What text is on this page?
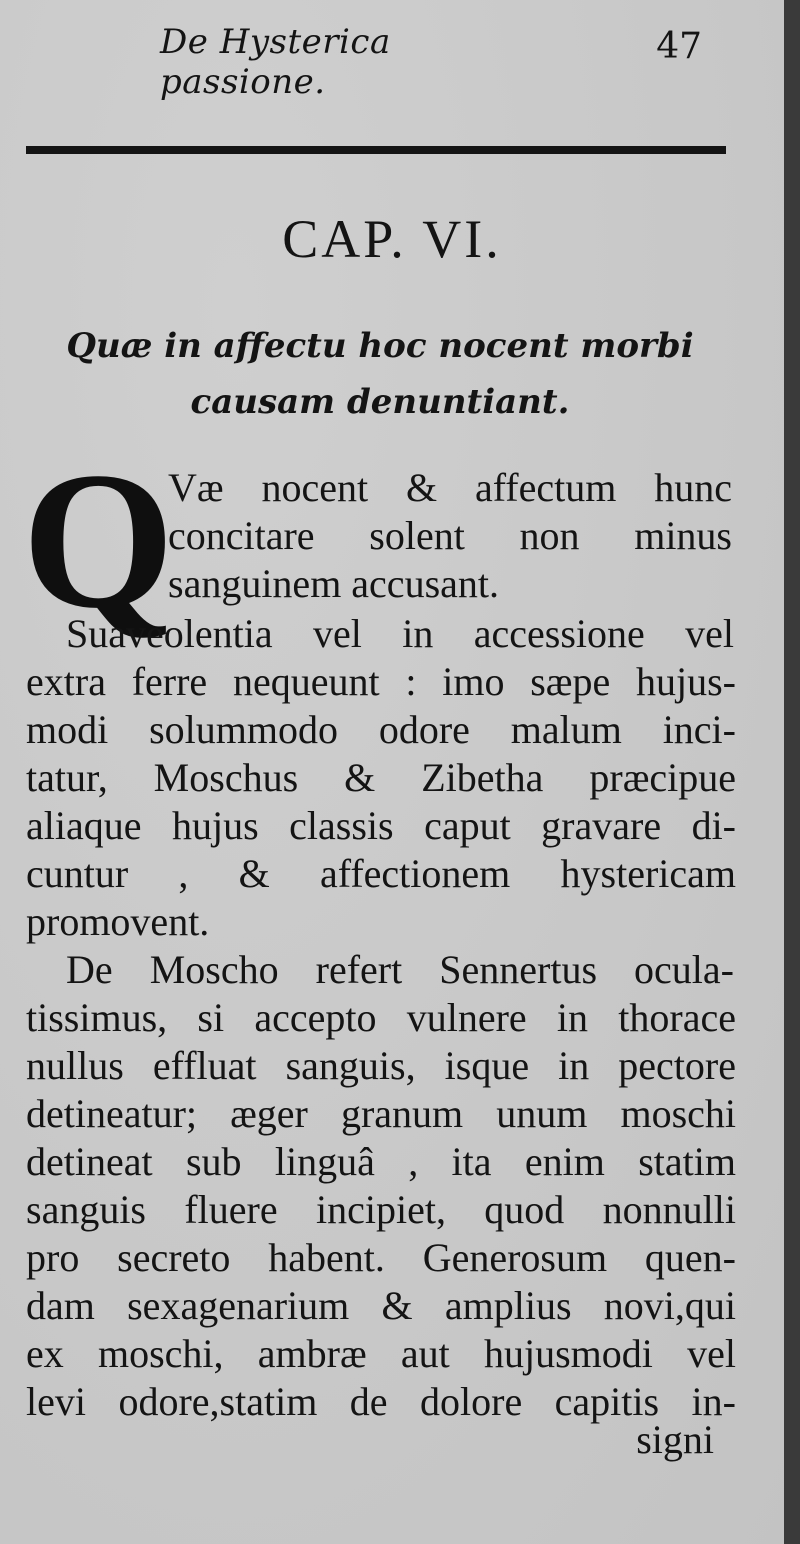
De Hysterica passione.
47
CAP. VI.
Quæ in affectu hoc nocent morbi
causam denuntiant.
Q
Væ nocent & affectum hunc
concitare solent non minus
sanguinem accusant.
Suaveolentia vel in accessione vel
extra ferre nequeunt : imo sæpe hujus-
modi solummodo odore malum inci-
tatur, Moschus & Zibetha præcipue
aliaque hujus classis caput gravare di-
cuntur , & affectionem hystericam
promovent.
De Moscho refert Sennertus ocula-
tissimus, si accepto vulnere in thorace
nullus effluat sanguis, isque in pectore
detineatur; æger granum unum moschi
detineat sub linguâ , ita enim statim
sanguis fluere incipiet, quod nonnulli
pro secreto habent. Generosum quen-
dam sexagenarium & amplius novi,qui
ex moschi, ambræ aut hujusmodi vel
levi odore,statim de dolore capitis in-
signi
